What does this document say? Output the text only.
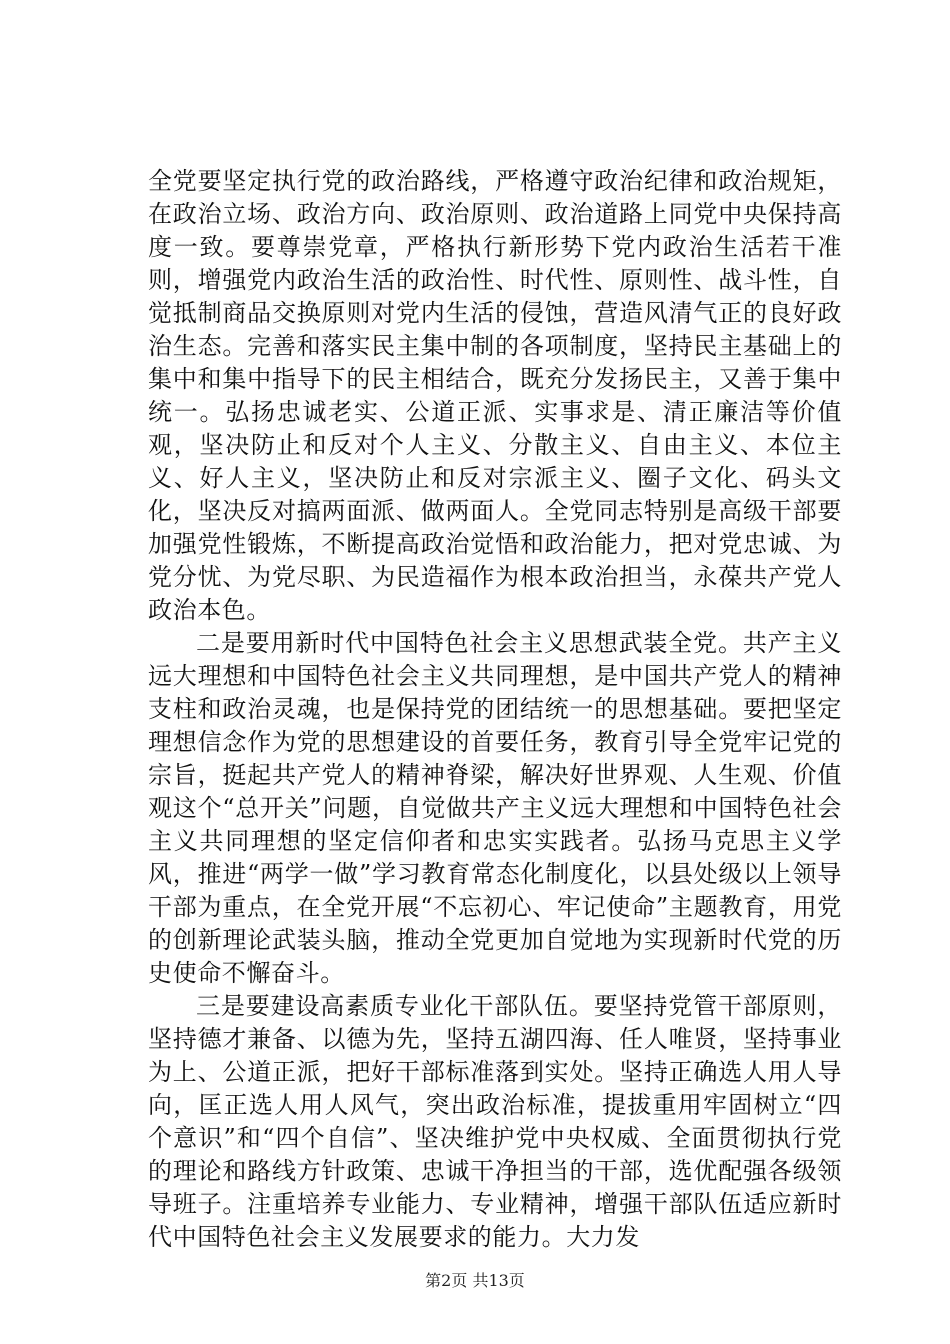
全党要坚定执行党的政治路线，严格遵守政治纪律和政治规矩，在政治立场、政治方向、政治原则、政治道路上同党中央保持高度一致。要尊崇党章，严格执行新形势下党内政治生活若干准则，增强党内政治生活的政治性、时代性、原则性、战斗性，自觉抵制商品交换原则对党内生活的侵蚀，营造风清气正的良好政治生态。完善和落实民主集中制的各项制度，坚持民主基础上的集中和集中指导下的民主相结合，既充分发扬民主，又善于集中统一。弘扬忠诚老实、公道正派、实事求是、清正廉洁等价值观，坚决防止和反对个人主义、分散主义、自由主义、本位主义、好人主义，坚决防止和反对宗派主义、圈子文化、码头文化，坚决反对搞两面派、做两面人。全党同志特别是高级干部要加强党性锻炼，不断提高政治觉悟和政治能力，把对党忠诚、为党分忧、为党尽职、为民造福作为根本政治担当，永葆共产党人政治本色。

二是要用新时代中国特色社会主义思想武装全党。共产主义远大理想和中国特色社会主义共同理想，是中国共产党人的精神支柱和政治灵魂，也是保持党的团结统一的思想基础。要把坚定理想信念作为党的思想建设的首要任务，教育引导全党牢记党的宗旨，挺起共产党人的精神脊梁，解决好世界观、人生观、价值观这个“总开关”问题，自觉做共产主义远大理想和中国特色社会主义共同理想的坚定信仰者和忠实实践者。弘扬马克思主义学风，推进“两学一做”学习教育常态化制度化，以县处级以上领导干部为重点，在全党开展“不忘初心、牢记使命”主题教育，用党的创新理论武装头脑，推动全党更加自觉地为实现新时代党的历史使命不懈奋斗。

三是要建设高素质专业化干部队伍。要坚持党管干部原则，坚持德才兼备、以德为先，坚持五湖四海、任人唯贤，坚持事业为上、公道正派，把好干部标准落到实处。坚持正确选人用人导向，匡正选人用人风气，突出政治标准，提拔重用牢固树立“四个意识”和“四个自信”、坚决维护党中央权威、全面贯彻执行党的理论和路线方针政策、忠诚干净担当的干部，选优配强各级领导班子。注重培养专业能力、专业精神，增强干部队伍适应新时代中国特色社会主义发展要求的能力。大力发

第2页 共13页
